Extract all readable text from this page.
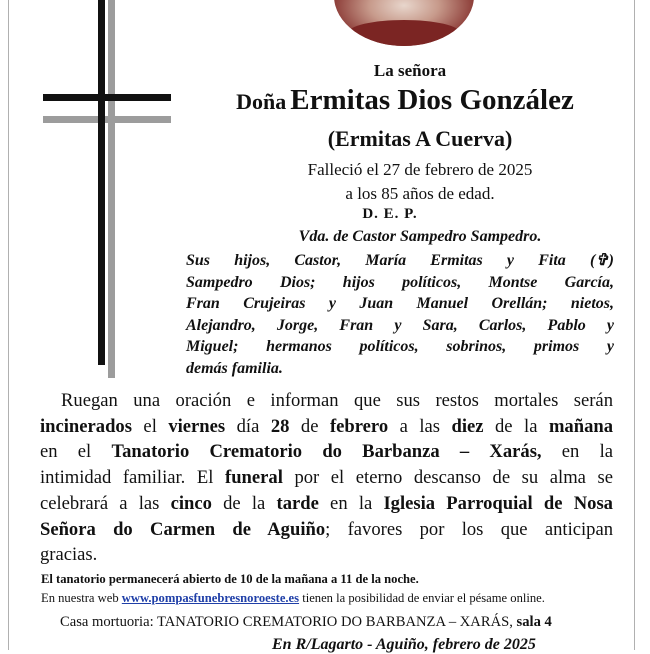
La señora
Doña Ermitas Dios González
(Ermitas A Cuerva)
Falleció el 27 de febrero de 2025
a los 85 años de edad.
D. E. P.
Vda. de Castor Sampedro Sampedro.
Sus hijos, Castor, María Ermitas y Fita (✞)
Sampedro Dios; hijos políticos, Montse García,
Fran Crujeiras y Juan Manuel Orellán; nietos,
Alejandro, Jorge, Fran y Sara, Carlos, Pablo y
Miguel; hermanos políticos, sobrinos, primos y
demás familia.
Ruegan una oración e informan que sus restos mortales serán
incinerados el viernes día 28 de febrero a las diez de la mañana
en el Tanatorio Crematorio do Barbanza – Xarás, en la
intimidad familiar. El funeral por el eterno descanso de su alma se
celebrará a las cinco de la tarde en la Iglesia Parroquial de Nosa
Señora do Carmen de Aguiño; favores por los que anticipan
gracias.
El tanatorio permanecerá abierto de 10 de la mañana a 11 de la noche.
En nuestra web www.pompasfunebresnoroeste.es tienen la posibilidad de enviar el pésame online.
Casa mortuoria: TANATORIO CREMATORIO DO BARBANZA – XARÁS, sala 4
En R/Lagarto - Aguiño, febrero de 2025
